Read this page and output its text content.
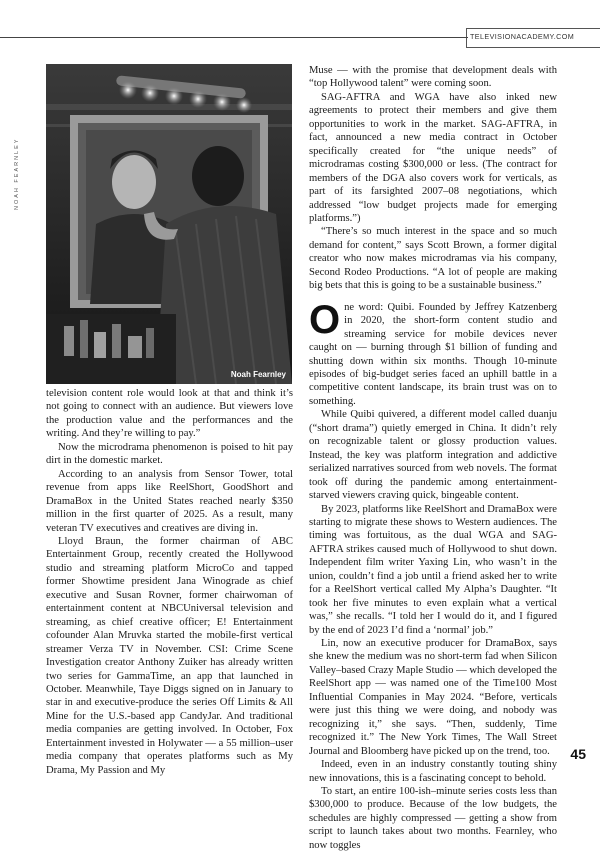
TELEVISIONACADEMY.COM
NOAH FEARNLEY
Noah Fearnley

television content role would look at that and think it’s not going to connect with an audience. But viewers love the production value and the performances and the writing. And they’re willing to pay.”

Now the microdrama phenomenon is poised to hit pay dirt in the domestic market.

According to an analysis from Sensor Tower, total revenue from apps like ReelShort, GoodShort and DramaBox in the United States reached nearly $350 million in the first quarter of 2025. As a result, many veteran TV executives and creatives are diving in.

Lloyd Braun, the former chairman of ABC Entertainment Group, recently created the Hollywood studio and streaming platform MicroCo and tapped former Showtime president Jana Winograde as chief executive and Susan Rovner, former chairwoman of entertainment content at NBCUniversal television and streaming, as chief creative officer; E! Entertainment cofounder Alan Mruvka started the mobile-first vertical streamer Verza TV in November. CSI: Crime Scene Investigation creator Anthony Zuiker has already written two series for GammaTime, an app that launched in October. Meanwhile, Taye Diggs signed on in January to star in and executive-produce the series Off Limits & All Mine for the U.S.-based app CandyJar. And traditional media companies are getting involved. In October, Fox Entertainment invested in Holywater — a 55 million–user media company that operates platforms such as My Drama, My Passion and My

Muse — with the promise that development deals with “top Hollywood talent” were coming soon.

SAG-AFTRA and WGA have also inked new agreements to protect their members and give them opportunities to work in the market. SAG-AFTRA, in fact, announced a new media contract in October specifically created for “the unique needs” of microdramas costing $300,000 or less. (The contract for members of the DGA also covers work for verticals, as part of its farsighted 2007–08 negotiations, which addressed “low budget projects made for emerging platforms.”)

“There’s so much interest in the space and so much demand for content,” says Scott Brown, a former digital creator who now makes microdramas via his company, Second Rodeo Productions. “A lot of people are making big bets that this is going to be a sustainable business.”

One word: Quibi. Founded by Jeffrey Katzenberg in 2020, the short-form content studio and streaming service for mobile devices never caught on — burning through $1 billion of funding and shutting down within six months. Though 10-minute episodes of big-budget series faced an uphill battle in a competitive content landscape, its brain trust was on to something.

While Quibi quivered, a different model called duanju (“short drama”) quietly emerged in China. It didn’t rely on recognizable talent or glossy production values. Instead, the key was platform integration and addictive serialized narratives sourced from web novels. The format took off during the pandemic among entertainment-starved viewers craving quick, bingeable content.

By 2023, platforms like ReelShort and DramaBox were starting to migrate these shows to Western audiences. The timing was fortuitous, as the dual WGA and SAG-AFTRA strikes caused much of Hollywood to shut down. Independent film writer Yaxing Lin, who wasn’t in the union, couldn’t find a job until a friend asked her to write for a ReelShort vertical called My Alpha’s Daughter. “It took her five minutes to even explain what a vertical was,” she recalls. “I told her I would do it, and I figured by the end of 2023 I’d find a ‘normal’ job.”

Lin, now an executive producer for DramaBox, says she knew the medium was no short-term fad when Silicon Valley–based Crazy Maple Studio — which developed the ReelShort app — was named one of the Time100 Most Influential Companies in May 2024. “Before, verticals were just this thing we were doing, and nobody was recognizing it,” she says. “Then, suddenly, Time recognized it.” The New York Times, The Wall Street Journal and Bloomberg have picked up on the trend, too.

Indeed, even in an industry constantly touting shiny new innovations, this is a fascinating concept to behold.

To start, an entire 100-ish–minute series costs less than $300,000 to produce. Because of the low budgets, the schedules are highly compressed — getting a show from script to launch takes about two months. Fearnley, who now toggles

45
